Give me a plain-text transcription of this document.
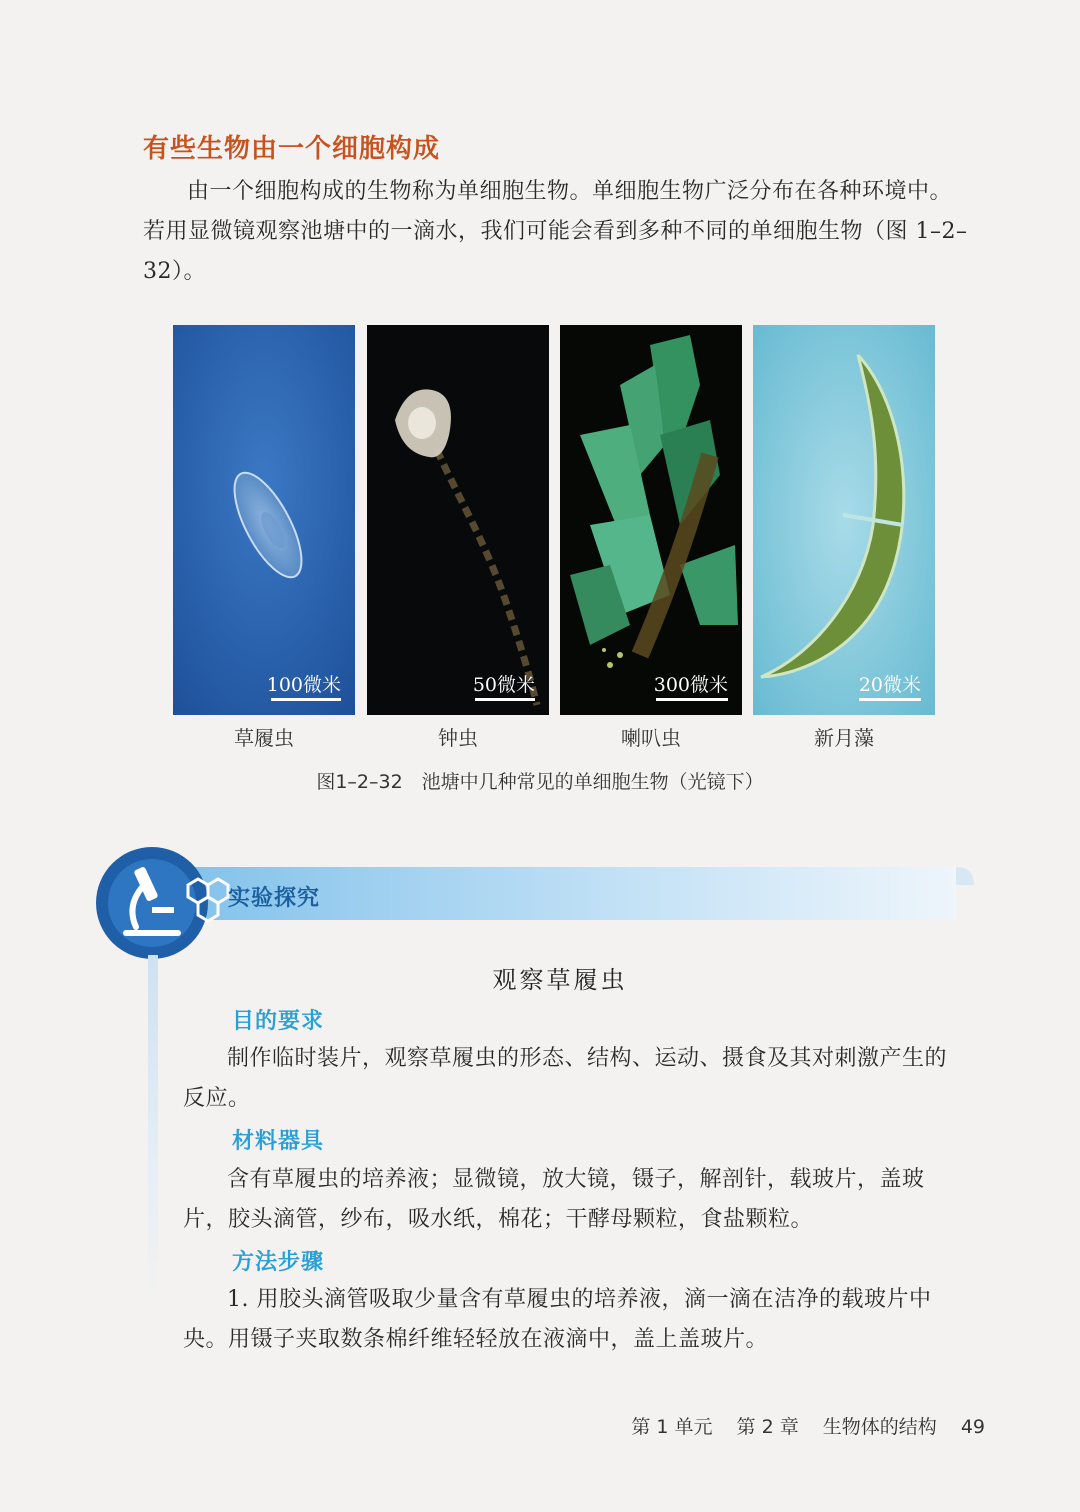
有些生物由一个细胞构成

由一个细胞构成的生物称为单细胞生物。单细胞生物广泛分布在各种环境中。若用显微镜观察池塘中的一滴水，我们可能会看到多种不同的单细胞生物（图 1–2–32）。

100微米	50微米	300微米	20微米
草履虫	钟虫	喇叭虫	新月藻
图1–2–32　池塘中几种常见的单细胞生物（光镜下）
实验探究
观察草履虫
目的要求

制作临时装片，观察草履虫的形态、结构、运动、摄食及其对刺激产生的反应。

材料器具

含有草履虫的培养液；显微镜，放大镜，镊子，解剖针，载玻片，盖玻片，胶头滴管，纱布，吸水纸，棉花；干酵母颗粒，食盐颗粒。

方法步骤

1. 用胶头滴管吸取少量含有草履虫的培养液，滴一滴在洁净的载玻片中央。用镊子夹取数条棉纤维轻轻放在液滴中，盖上盖玻片。

第 1 单元 第 2 章 生物体的结构 49
